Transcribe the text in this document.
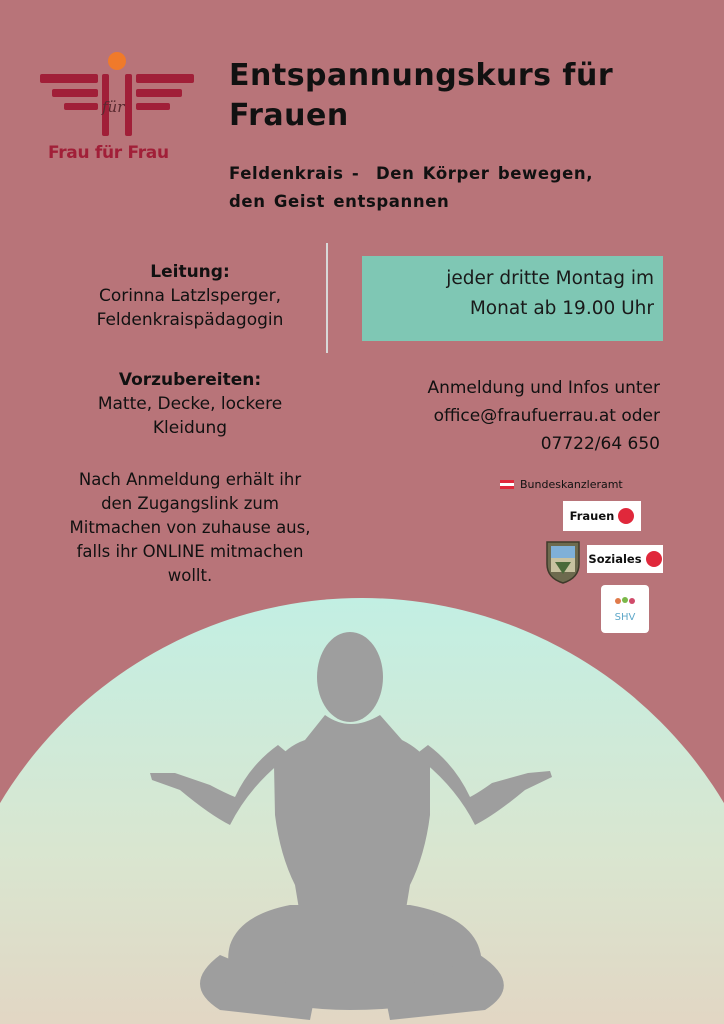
für
Frau für Frau
Entspannungskurs für
Frauen
Feldenkrais -  Den Körper bewegen,
den Geist entspannen
Leitung:
Corinna Latzlsperger,
Feldenkraispädagogin
Vorzubereiten:
Matte, Decke, lockere
Kleidung
jeder dritte Montag im
Monat ab 19.00 Uhr
Anmeldung und Infos unter
office@fraufuerrau.at oder
07722/64 650
Nach Anmeldung erhält ihr
den Zugangslink zum
Mitmachen von zuhause aus,
falls ihr ONLINE mitmachen
wollt.
Bundeskanzleramt
Frauen
Soziales
SHV
